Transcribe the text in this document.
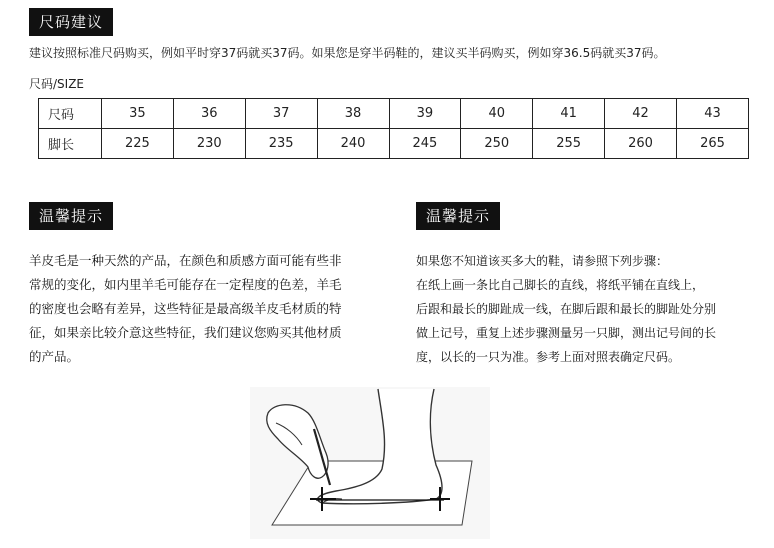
尺码建议
建议按照标准尺码购买，例如平时穿37码就买37码。如果您是穿半码鞋的，建议买半码购买，例如穿36.5码就买37码。
尺码/SIZE
尺码	35	36	37	38	39	40	41	42	43
脚长	225	230	235	240	245	250	255	260	265
温馨提示
羊皮毛是一种天然的产品，在颜色和质感方面可能有些非
常规的变化，如内里羊毛可能存在一定程度的色差，羊毛
的密度也会略有差异，这些特征是最高级羊皮毛材质的特
征，如果亲比较介意这些特征，我们建议您购买其他材质
的产品。
温馨提示
如果您不知道该买多大的鞋，请参照下列步骤：
在纸上画一条比自己脚长的直线，将纸平铺在直线上，
后跟和最长的脚趾成一线，在脚后跟和最长的脚趾处分别
做上记号，重复上述步骤测量另一只脚，测出记号间的长
度，以长的一只为准。参考上面对照表确定尺码。
